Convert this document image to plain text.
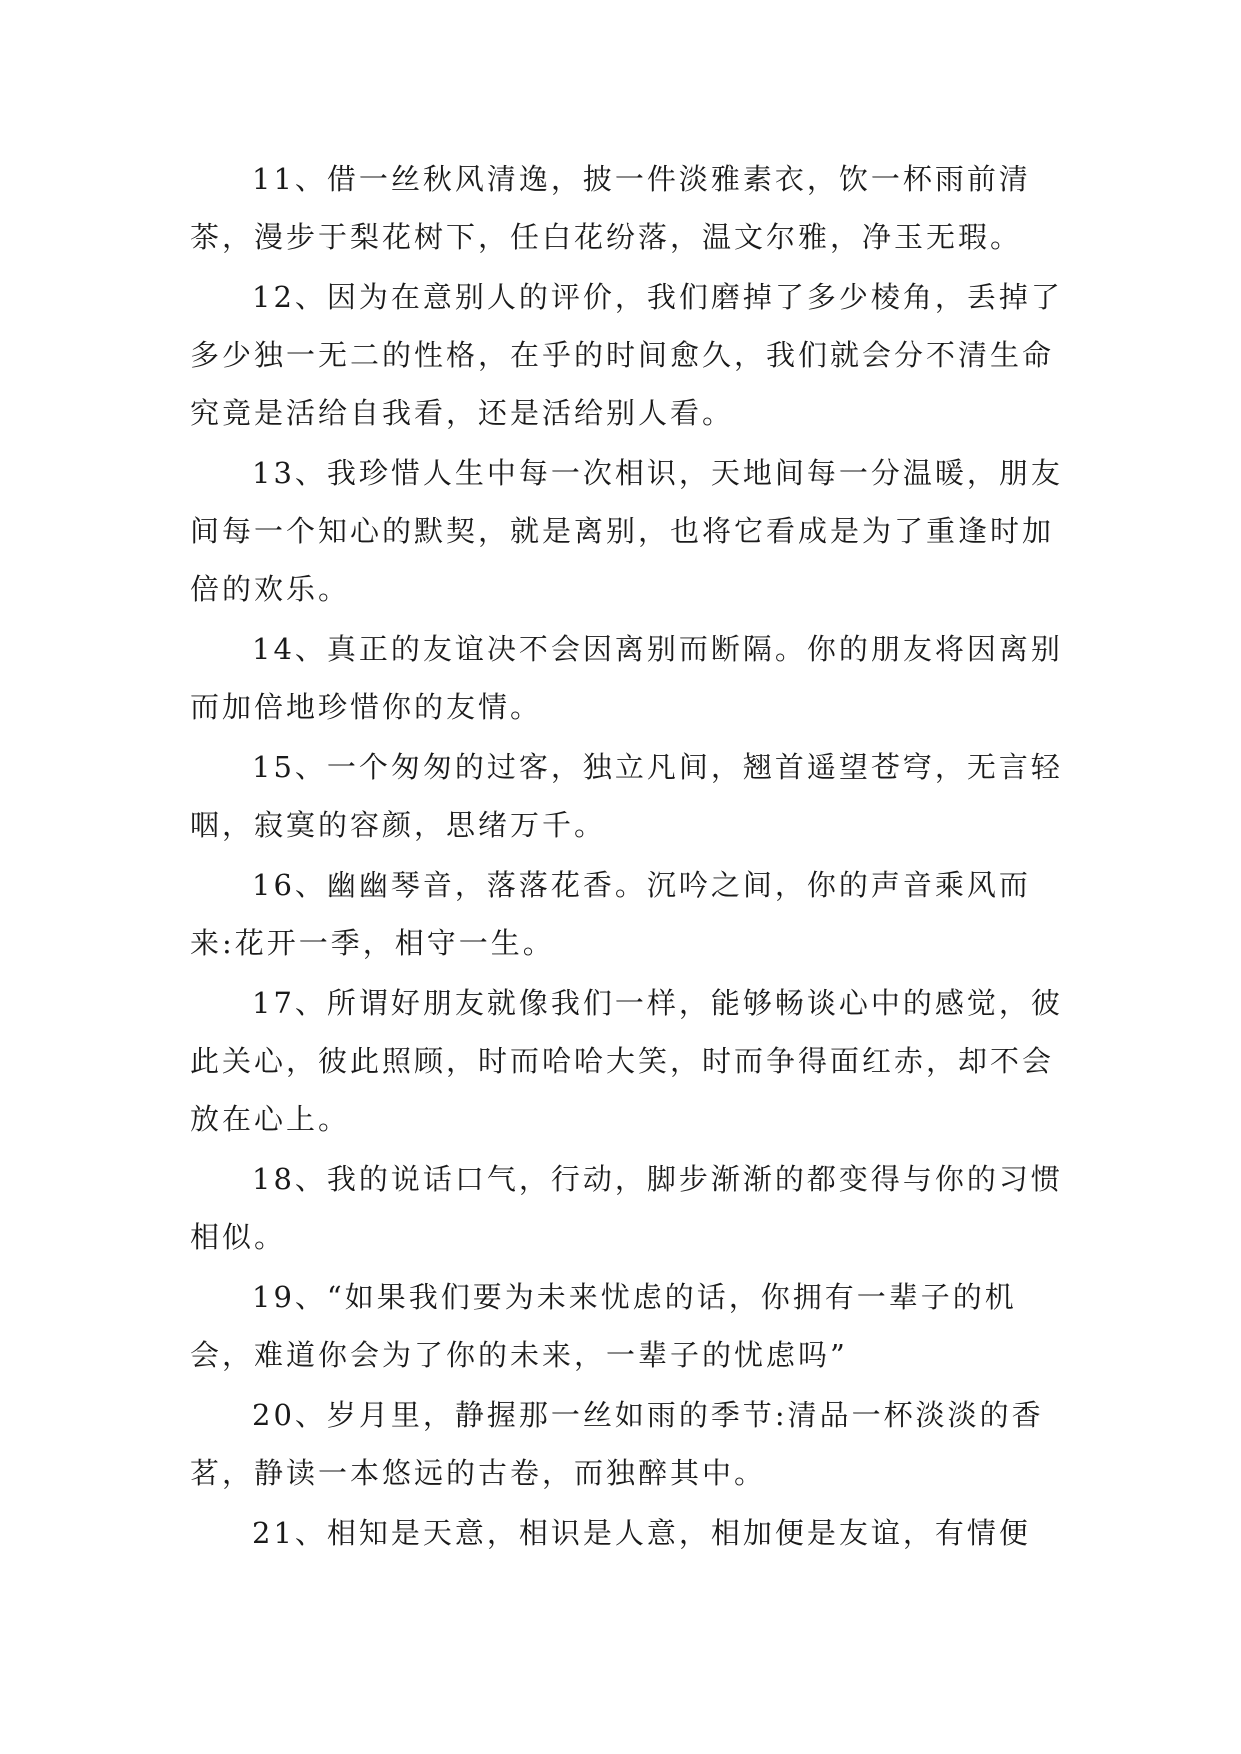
11、借一丝秋风清逸，披一件淡雅素衣，饮一杯雨前清茶，漫步于梨花树下，任白花纷落，温文尔雅，净玉无瑕。

12、因为在意别人的评价，我们磨掉了多少棱角，丢掉了多少独一无二的性格，在乎的时间愈久，我们就会分不清生命究竟是活给自我看，还是活给别人看。

13、我珍惜人生中每一次相识，天地间每一分温暖，朋友间每一个知心的默契，就是离别，也将它看成是为了重逢时加倍的欢乐。

14、真正的友谊决不会因离别而断隔。你的朋友将因离别而加倍地珍惜你的友情。

15、一个匆匆的过客，独立凡间，翘首遥望苍穹，无言轻咽，寂寞的容颜，思绪万千。

16、幽幽琴音，落落花香。沉吟之间，你的声音乘风而来:花开一季，相守一生。

17、所谓好朋友就像我们一样，能够畅谈心中的感觉，彼此关心，彼此照顾，时而哈哈大笑，时而争得面红赤，却不会放在心上。

18、我的说话口气，行动，脚步渐渐的都变得与你的习惯相似。

19、“如果我们要为未来忧虑的话，你拥有一辈子的机会，难道你会为了你的未来，一辈子的忧虑吗”

20、岁月里，静握那一丝如雨的季节:清品一杯淡淡的香茗，静读一本悠远的古卷，而独醉其中。

21、相知是天意，相识是人意，相加便是友谊，有情便
